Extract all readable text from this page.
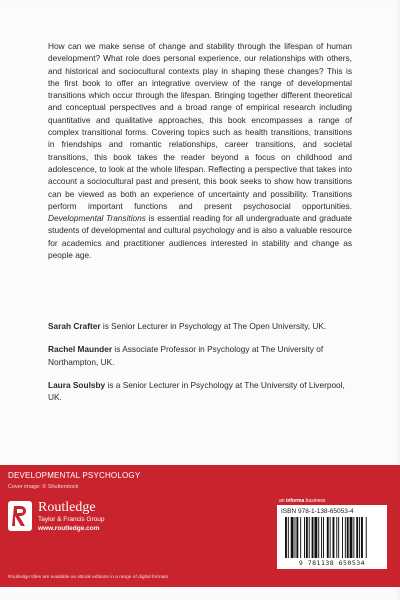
How can we make sense of change and stability through the lifespan of human development? What role does personal experience, our relationships with others, and historical and sociocultural contexts play in shaping these changes? This is the first book to offer an integrative overview of the range of developmental transitions which occur through the lifespan. Bringing together different theoretical and conceptual perspectives and a broad range of empirical research including quantitative and qualitative approaches, this book encompasses a range of complex transitional forms. Covering topics such as health transitions, transitions in friendships and romantic relationships, career transitions, and societal transitions, this book takes the reader beyond a focus on childhood and adolescence, to look at the whole lifespan. Reflecting a perspective that takes into account a sociocultural past and present, this book seeks to show how transitions can be viewed as both an experience of uncertainty and possibility. Transitions perform important functions and present psychosocial opportunities. Developmental Transitions is essential reading for all undergraduate and graduate students of developmental and cultural psychology and is also a valuable resource for academics and practitioner audiences interested in stability and change as people age.

Sarah Crafter is Senior Lecturer in Psychology at The Open University, UK.

Rachel Maunder is Associate Professor in Psychology at The University of Northampton, UK.

Laura Soulsby is a Senior Lecturer in Psychology at The University of Liverpool, UK.

DEVELOPMENTAL PSYCHOLOGY
Cover image: © Shutterstock
Routledge
Taylor & Francis Group
www.routledge.com
an informa business
ISBN 978-1-138-65053-4
9 781138 650534
Routledge titles are available as eBook editions in a range of digital formats
